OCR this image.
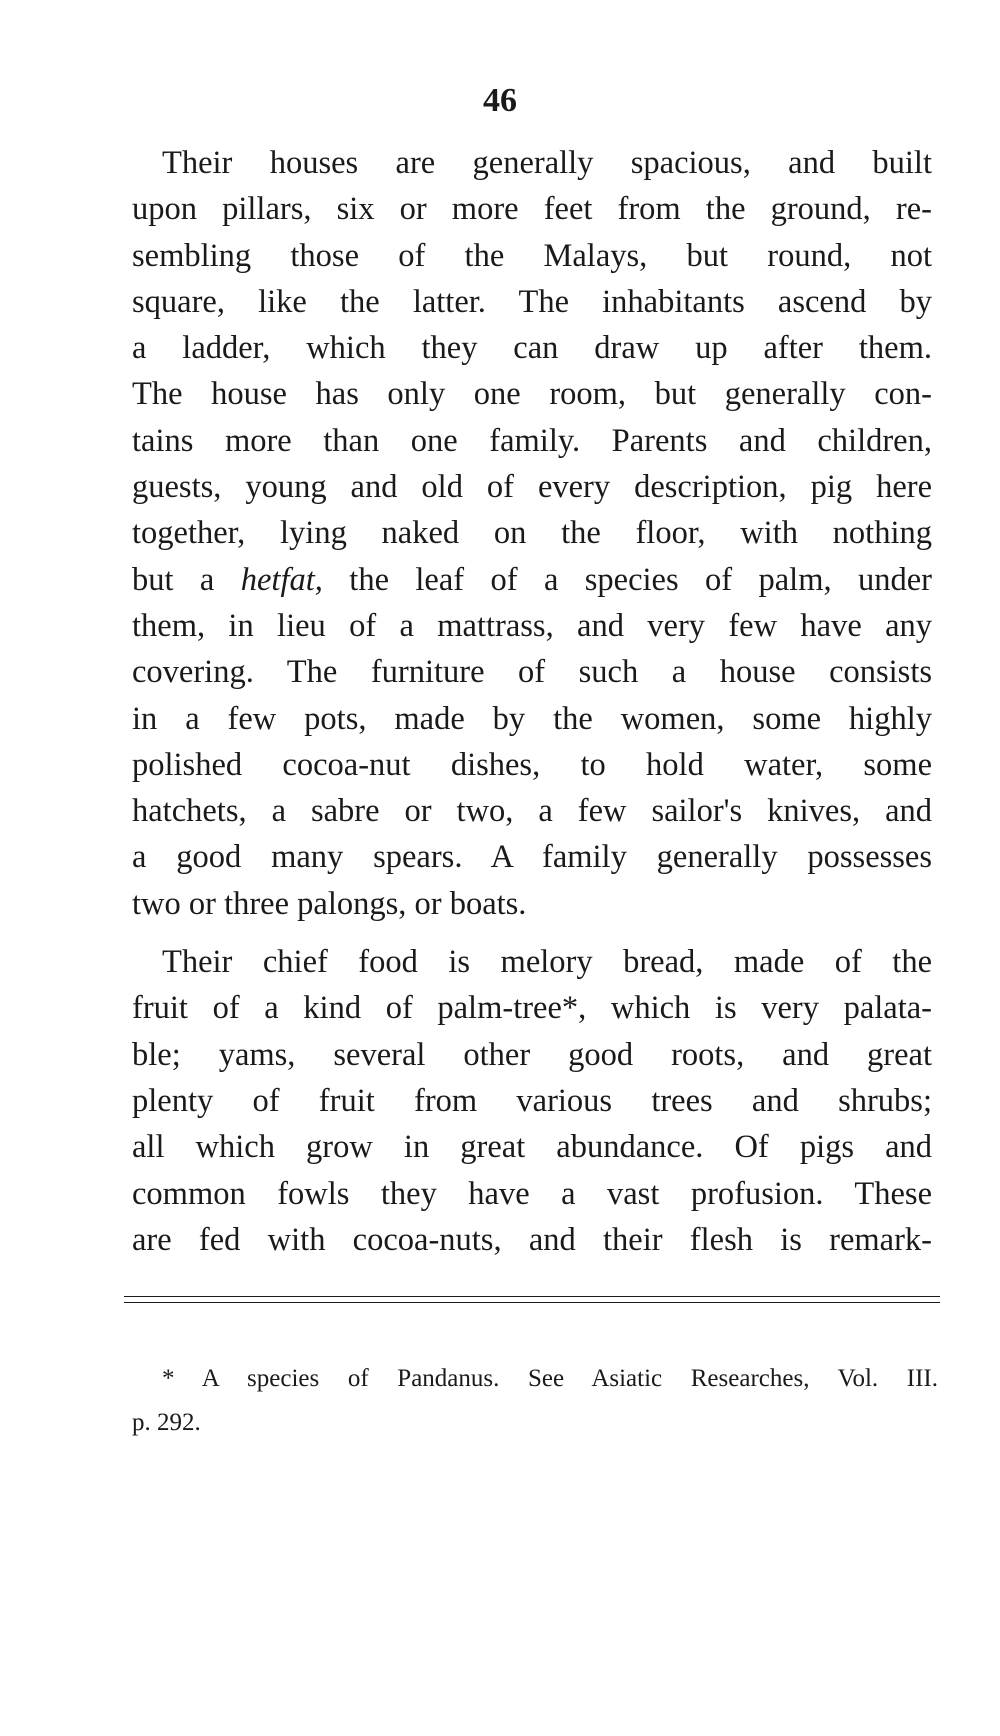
46
Their houses are generally spacious, and built
upon pillars, six or more feet from the ground, re-
sembling those of the Malays, but round, not
square, like the latter. The inhabitants ascend by
a ladder, which they can draw up after them.
The house has only one room, but generally con-
tains more than one family. Parents and children,
guests, young and old of every description, pig here
together, lying naked on the floor, with nothing
but a hetfat, the leaf of a species of palm, under
them, in lieu of a mattrass, and very few have any
covering. The furniture of such a house consists
in a few pots, made by the women, some highly
polished cocoa-nut dishes, to hold water, some
hatchets, a sabre or two, a few sailor's knives, and
a good many spears. A family generally possesses
two or three palongs, or boats.
Their chief food is melory bread, made of the
fruit of a kind of palm-tree*, which is very palata-
ble; yams, several other good roots, and great
plenty of fruit from various trees and shrubs;
all which grow in great abundance. Of pigs and
common fowls they have a vast profusion. These
are fed with cocoa-nuts, and their flesh is remark-
* A species of Pandanus. See Asiatic Researches, Vol. III.
p. 292.
